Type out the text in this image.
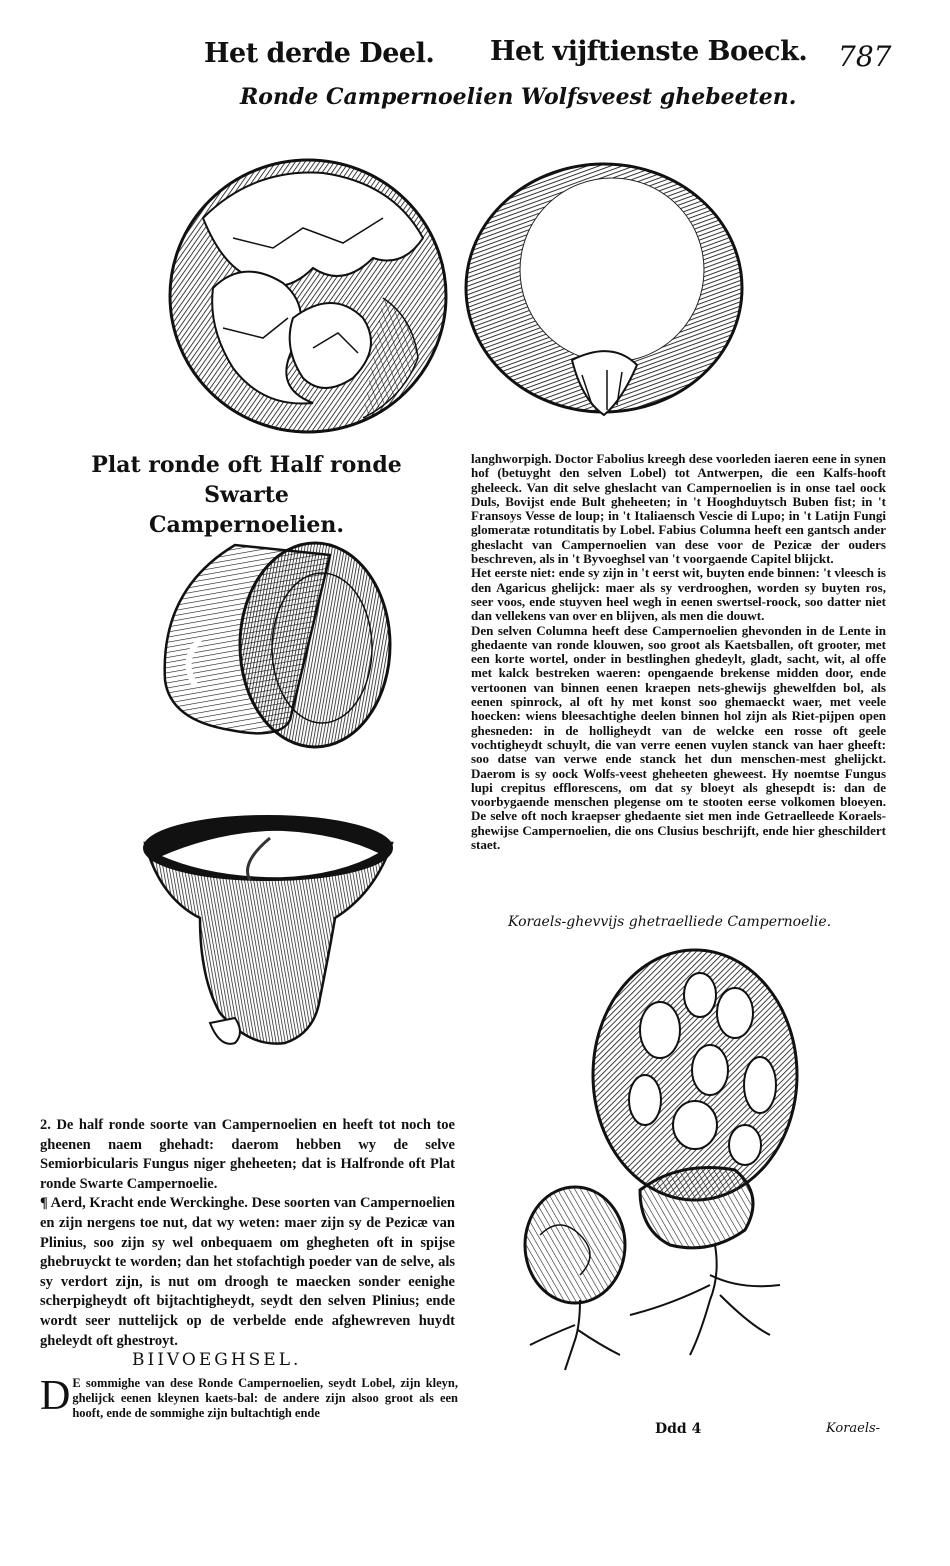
Het derde Deel. Het vijftienste Boeck. 787
Ronde Campernoelien Wolfsveest ghebeeten.
Plat ronde oft Half ronde Swarte
Campernoelien.

langhworpigh. Doctor Fabolius kreegh dese voorleden iaeren eene in synen hof (betuyght den selven Lobel) tot Antwerpen, die een Kalfs-hooft ghelеeck. Van dit selve gheslacht van Campernoelien is in onse tael oock Duls, Bovijst ende Bult gheheeten; in 't Hooghduytsch Buben fist; in 't Fransoys Vesse de loup; in 't Italiaensch Vescie di Lupo; in 't Latijn Fungi glomeratæ rotunditatis by Lobel. Fabius Columna heeft een gantsch ander gheslacht van Campernoelien van dese voor de Pezicæ der ouders beschreven, als in 't Byvoeghsel van 't voorgaende Capitel blijckt.

Het eerste niet: ende sy zijn in 't eerst wit, buyten ende binnen: 't vleesch is den Agaricus ghelijck: maer als sy verdrooghen, worden sy buyten ros, seer voos, ende stuyven heel wegh in eenen swertsel-roock, soo datter niet dan vellekens van over en blijven, als men die douwt.

Den selven Columna heeft dese Campernoelien ghevonden in de Lente in ghedaente van ronde klouwen, soo groot als Kaetsballen, oft grooter, met een korte wortel, onder in bestlinghen ghedeylt, gladt, sacht, wit, al offe met kalck bestreken waeren: opengaende brekense midden door, ende vertoonen van binnen eenen kraepen nets-ghewijs ghewelfden bol, als eenen spinrock, al oft hy met konst soo ghemaeckt waer, met veele hoecken: wiens bleesachtighe deelen binnen hol zijn als Riet-pijpen open ghesneden: in de holligheydt van de welcke een rosse oft geele vochtigheydt schuylt, die van verre eenen vuylen stanck van haer gheeft: soo datse van verwe ende stanck het dun menschen-mest ghelijckt. Daerom is sy oock Wolfs-veest gheheeten gheweest. Hy noemtse Fungus lupi crepitus efflorescens, om dat sy bloeyt als ghesepdt is: dan de voorbygaende menschen plegense om te stooten eerse volkomen bloeyen. De selve oft noch kraepser ghedaente siet men inde Getraellеede Koraels-ghewijse Campernoelien, die ons Clusius beschrijft, ende hier gheschildert staet.

Koraels-ghevvijs ghetraelliede Campernoelie.

2. De half ronde soorte van Campernoelien en heeft tot noch toe gheenen naem ghehadt: daerom hebben wy de selve Semiorbicularis Fungus niger gheheeten; dat is Halfronde oft Plat ronde Swarte Campernoelie.

¶ Aerd, Kracht ende Werckinghe. Dese soorten van Campernoelien en zijn nergens toe nut, dat wy weten: maer zijn sy de Pezicæ van Plinius, soo zijn sy wel onbequaem om ghegheten oft in spijse ghebruyckt te worden; dan het stofachtigh poeder van de selve, als sy verdort zijn, is nut om droogh te maecken sonder eenighe scherpigheydt oft bijtachtigheydt, seydt den selven Plinius; ende wordt seer nuttelijck op de verbelde ende afghewreven huydt gheleydt oft ghestroyt.

BIIVOEGHSEL.
D E sommighe van dese Ronde Campernoelien, seydt Lobel, zijn kleyn, ghelijck eenen kleynen kaets-bal: de andere zijn alsoo groot als een hooft, ende de sommighe zijn bultachtigh ende
Ddd 4	Koraels-
